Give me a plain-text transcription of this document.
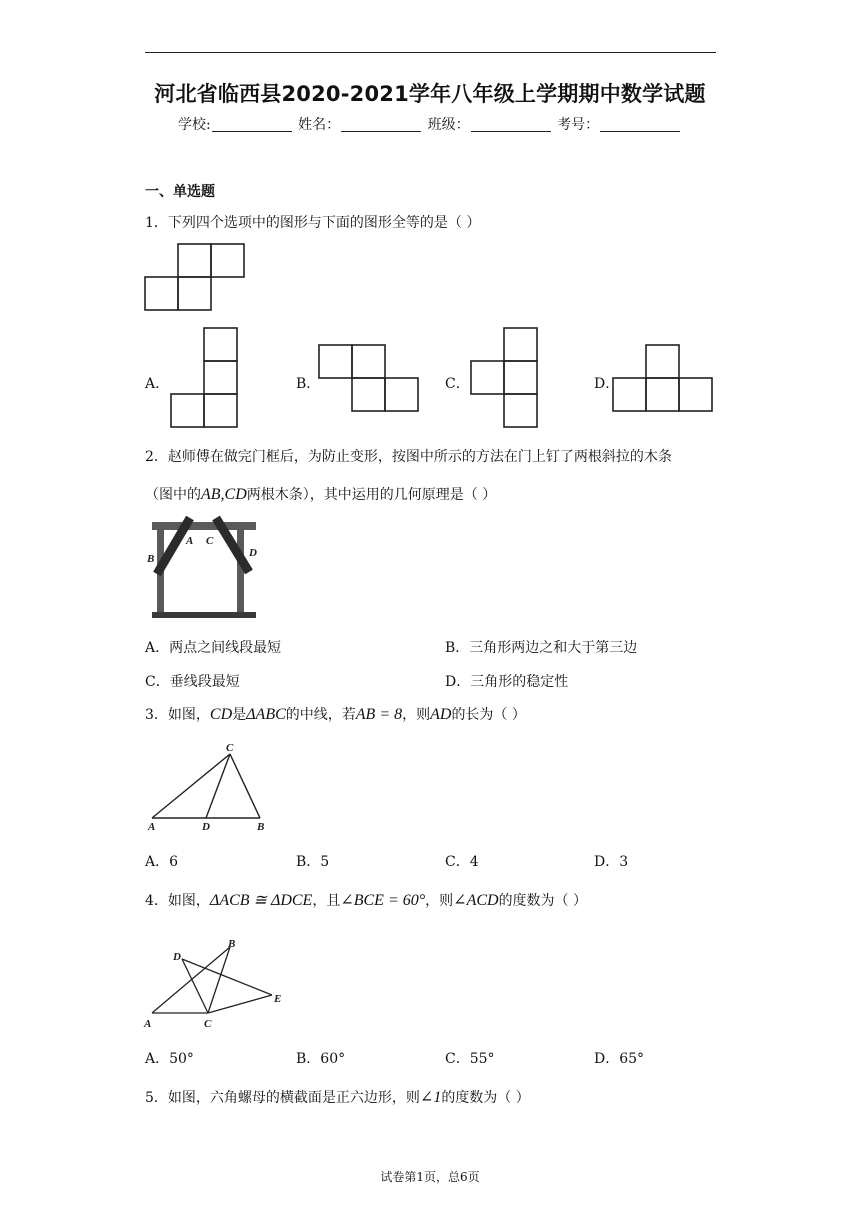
河北省临西县2020-2021学年八年级上学期期中数学试题
学校:	姓名：	班级：	考号：
一、单选题
1．下列四个选项中的图形与下面的图形全等的是（ ）
A．	B．	C．	D．
2．赵师傅在做完门框后，为防止变形，按图中所示的方法在门上钉了两根斜拉的木条
（图中的AB,CD两根木条），其中运用的几何原理是（ ）
A
B
C
D
A．两点之间线段最短	B．三角形两边之和大于第三边
C．垂线段最短	D．三角形的稳定性
3．如图，CD是ΔABC的中线，若AB = 8，则AD的长为（ ）
C
A	D	B
A．6	B．5	C．4	D．3
4．如图，ΔACB ≅ ΔDCE，且∠BCE = 60°，则∠ACD的度数为（ ）
D
B
E
A	C
A．50°	B．60°	C．55°	D．65°
5．如图，六角螺母的横截面是正六边形，则∠1的度数为（ ）
试卷第1页，总6页
